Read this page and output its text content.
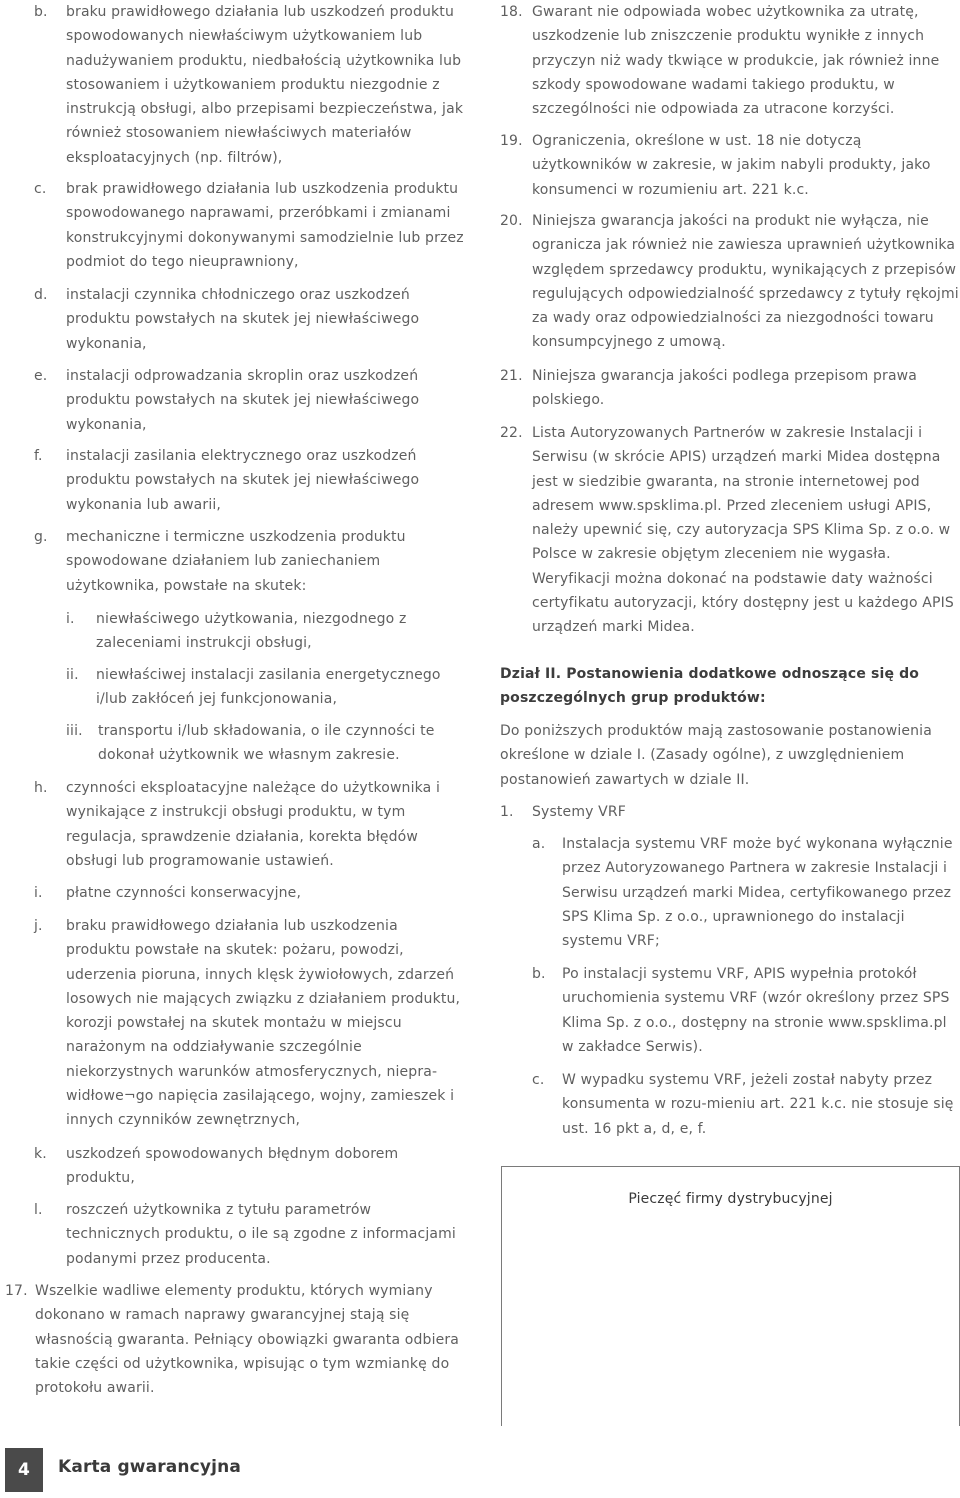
b.	braku prawidłowego działania lub uszkodzeń produktu spowodowanych niewłaściwym użytkowaniem lub nadużywaniem produktu, niedbałością użytkownika lub stosowaniem i użytkowaniem produktu niezgodnie z instrukcją obsługi, albo przepisami bezpieczeństwa, jak również stosowaniem niewłaściwych materiałów eksploatacyjnych (np. filtrów),
c.	brak prawidłowego działania lub uszkodzenia produktu spowodowanego naprawami, przeróbkami i zmianami konstrukcyjnymi dokonywanymi samodzielnie lub przez podmiot do tego nieuprawniony,
d.	instalacji czynnika chłodniczego oraz uszkodzeń produktu powstałych na skutek jej niewłaściwego wykonania,
e.	instalacji odprowadzania skroplin oraz uszkodzeń produktu powstałych na skutek jej niewłaściwego wykonania,
f.	instalacji zasilania elektrycznego oraz uszkodzeń produktu powstałych na skutek jej niewłaściwego wykonania lub awarii,
g.	mechaniczne i termiczne uszkodzenia produktu spowodowane działaniem lub zaniechaniem użytkownika, powstałe na skutek:
i.	niewłaściwego użytkowania, niezgodnego z zaleceniami instrukcji obsługi,
ii.	niewłaściwej instalacji zasilania energetycznego i/lub zakłóceń jej funkcjonowania,
iii.	transportu i/lub składowania, o ile czynności te dokonał użytkownik we własnym zakresie.
h.	czynności eksploatacyjne należące do użytkownika i wynikające z instrukcji obsługi produktu, w tym regulacja, sprawdzenie działania, korekta błędów obsługi lub programowanie ustawień.
i.	płatne czynności konserwacyjne,
j.	braku prawidłowego działania lub uszkodzenia produktu powstałe na skutek: pożaru, powodzi, uderzenia pioruna, innych klęsk żywiołowych, zdarzeń losowych nie mających związku z działaniem produktu, korozji powstałej na skutek montażu w miejscu narażonym na oddziaływanie szczególnie niekorzystnych warunków atmosferycznych, niepra-widłowe¬go napięcia zasilającego, wojny, zamieszek i innych czynników zewnętrznych,
k.	uszkodzeń spowodowanych błędnym doborem produktu,
l.	roszczeń użytkownika z tytułu parametrów technicznych produktu, o ile są zgodne z informacjami podanymi przez producenta.
17. Wszelkie wadliwe elementy produktu, których wymiany dokonano w ramach naprawy gwarancyjnej stają się własnością gwaranta. Pełniący obowiązki gwaranta odbiera takie części od użytkownika, wpisując o tym wzmiankę do protokołu awarii.
18. Gwarant nie odpowiada wobec użytkownika za utratę, uszkodzenie lub zniszczenie produktu wynikłe z innych przyczyn niż wady tkwiące w produkcie, jak również inne szkody spowodowane wadami takiego produktu, w szczególności nie odpowiada za utracone korzyści.
19. Ograniczenia, określone w ust. 18 nie dotyczą użytkowników w zakresie, w jakim nabyli produkty, jako konsumenci w rozumieniu art. 221 k.c.
20. Niniejsza gwarancja jakości na produkt nie wyłącza, nie ogranicza jak również nie zawiesza uprawnień użytkownika względem sprzedawcy produktu, wynikających z przepisów regulujących odpowiedzialność sprzedawcy z tytuły rękojmi za wady oraz odpowiedzialności za niezgodności towaru konsumpcyjnego z umową.
21. Niniejsza gwarancja jakości podlega przepisom prawa polskiego.
22. Lista Autoryzowanych Partnerów w zakresie Instalacji i Serwisu (w skrócie APIS) urządzeń marki Midea dostępna jest w siedzibie gwaranta, na stronie internetowej pod adresem www.spsklima.pl. Przed zleceniem usługi APIS, należy upewnić się, czy autoryzacja SPS Klima Sp. z o.o. w Polsce w zakresie objętym zleceniem nie wygasła. Weryfikacji można dokonać na podstawie daty ważności certyfikatu autoryzacji, który dostępny jest u każdego APIS urządzeń marki Midea.
Dział II. Postanowienia dodatkowe odnoszące się do poszczególnych grup produktów:
Do poniższych produktów mają zastosowanie postanowienia określone w dziale I. (Zasady ogólne), z uwzględnieniem postanowień zawartych w dziale II.
1.	Systemy VRF
a.	Instalacja systemu VRF może być wykonana wyłącznie przez Autoryzowanego Partnera w zakresie Instalacji i Serwisu urządzeń marki Midea, certyfikowanego przez SPS Klima Sp. z o.o., uprawnionego do instalacji systemu VRF;
b.	Po instalacji systemu VRF, APIS wypełnia protokół uruchomienia systemu VRF (wzór określony przez SPS Klima Sp. z o.o., dostępny na stronie www.spsklima.pl w zakładce Serwis).
c.	W wypadku systemu VRF, jeżeli został nabyty przez konsumenta w rozu-mieniu art. 221 k.c. nie stosuje się ust. 16 pkt a, d, e, f.
Pieczęć firmy dystrybucyjnej
4	Karta gwarancyjna
